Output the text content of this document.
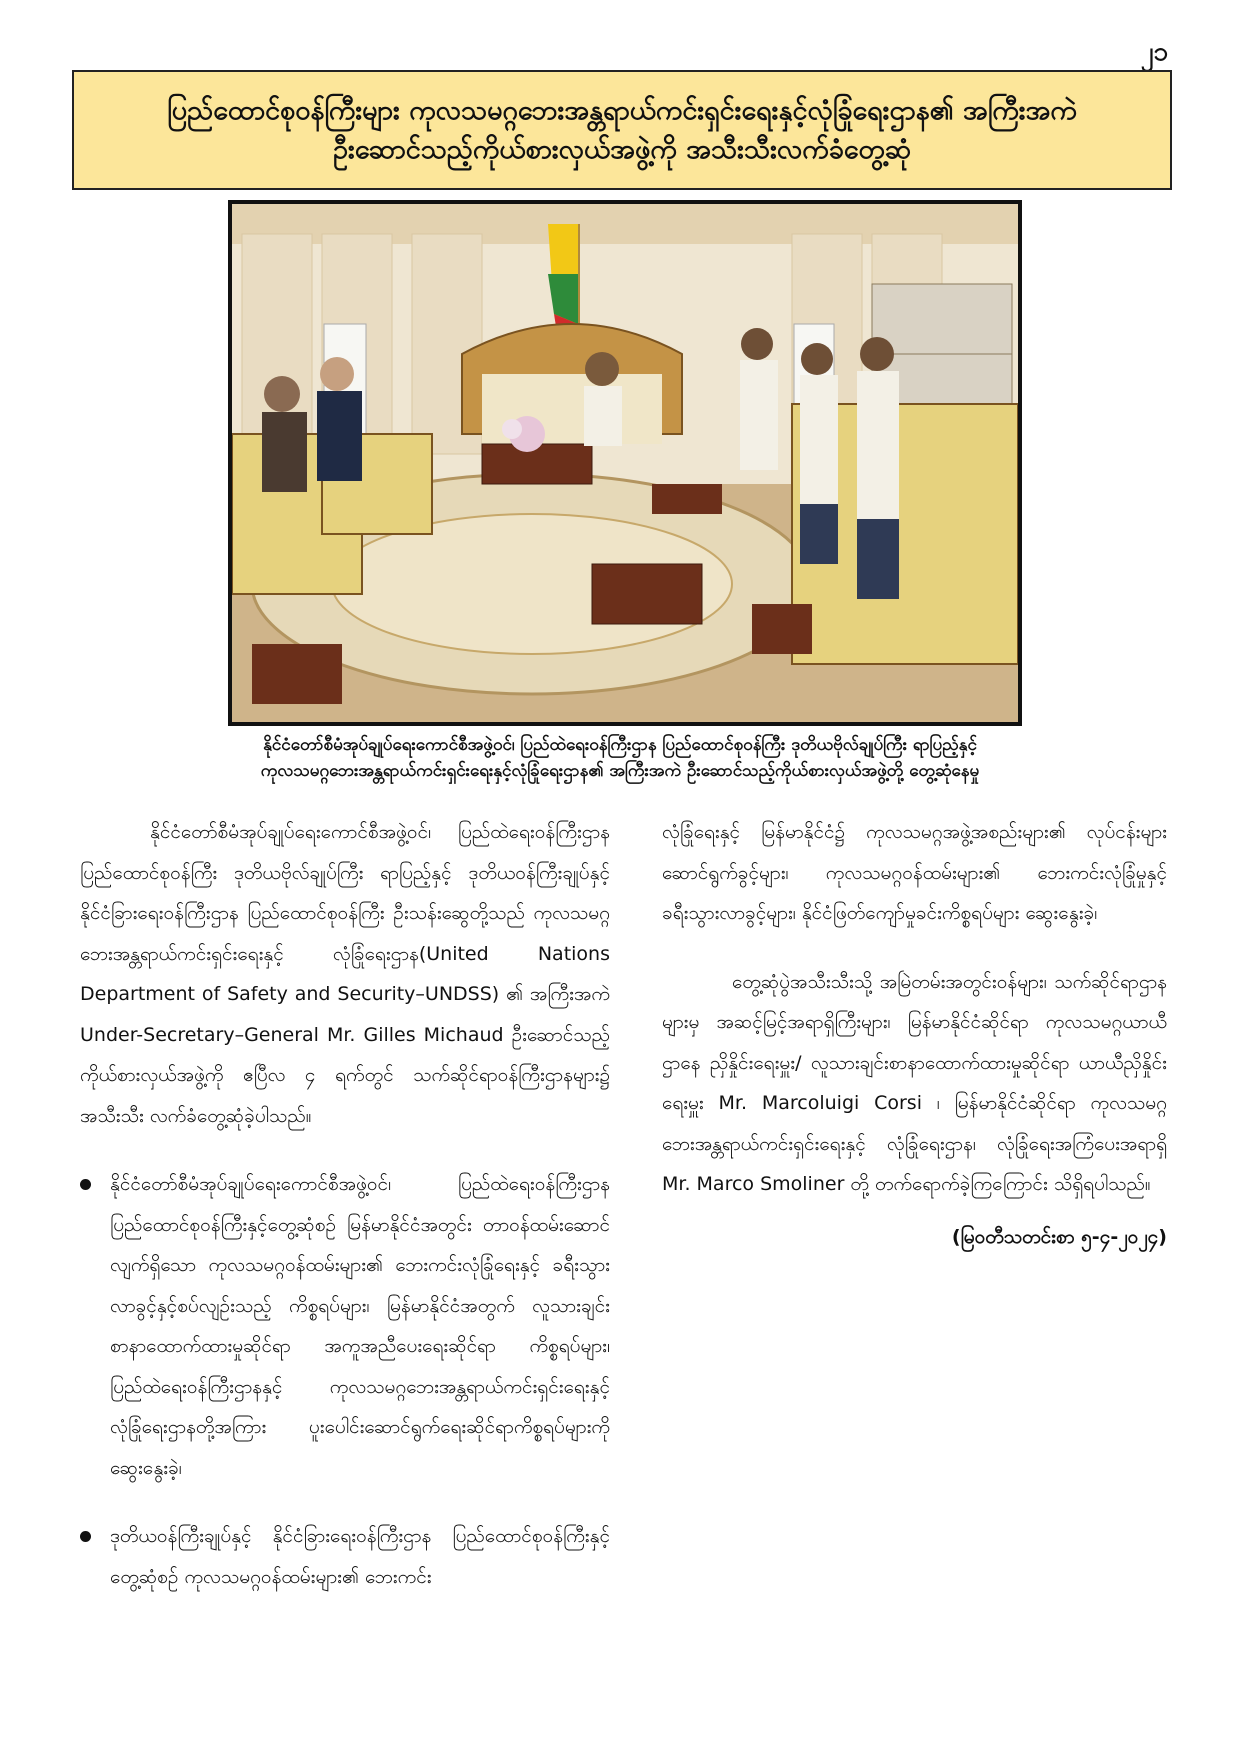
၂၁
ပြည်ထောင်စုဝန်ကြီးများ ကုလသမဂ္ဂဘေးအန္တရာယ်ကင်းရှင်းရေးနှင့်လုံခြုံရေးဌာန၏ အကြီးအကဲ
ဦးဆောင်သည့်ကိုယ်စားလှယ်အဖွဲ့ကို အသီးသီးလက်ခံတွေ့ဆုံ
နိုင်ငံတော်စီမံအုပ်ချုပ်ရေးကောင်စီအဖွဲ့ဝင်၊ ပြည်ထဲရေးဝန်ကြီးဌာန ပြည်ထောင်စုဝန်ကြီး ဒုတိယဗိုလ်ချုပ်ကြီး ရာပြည့်နှင့်
ကုလသမဂ္ဂဘေးအန္တရာယ်ကင်းရှင်းရေးနှင့်လုံခြုံရေးဌာန၏ အကြီးအကဲ ဦးဆောင်သည့်ကိုယ်စားလှယ်အဖွဲ့တို့ တွေ့ဆုံနေမှု

နိုင်ငံတော်စီမံအုပ်ချုပ်ရေးကောင်စီအဖွဲ့ဝင်၊ ပြည်ထဲရေးဝန်ကြီးဌာန ပြည်ထောင်စုဝန်ကြီး ဒုတိယဗိုလ်ချုပ်ကြီး ရာပြည့်နှင့် ဒုတိယဝန်ကြီးချုပ်နှင့် နိုင်ငံခြားရေးဝန်ကြီးဌာန ပြည်ထောင်စုဝန်ကြီး ဦးသန်းဆွေတို့သည် ကုလသမဂ္ဂဘေးအန္တရာယ်ကင်းရှင်းရေးနှင့် လုံခြုံရေးဌာန(United Nations Department of Safety and Security–UNDSS) ၏ အကြီးအကဲ Under-Secretary–General Mr. Gilles Michaud ဦးဆောင်သည့် ကိုယ်စားလှယ်အဖွဲ့ကို ဧပြီလ ၄ ရက်တွင် သက်ဆိုင်ရာဝန်ကြီးဌာနများ၌ အသီးသီး လက်ခံတွေ့ဆုံခဲ့ပါသည်။

နိုင်ငံတော်စီမံအုပ်ချုပ်ရေးကောင်စီအဖွဲ့ဝင်၊ ပြည်ထဲရေးဝန်ကြီးဌာန ပြည်ထောင်စုဝန်ကြီးနှင့်တွေ့ဆုံစဉ် မြန်မာနိုင်ငံအတွင်း တာဝန်ထမ်းဆောင်လျက်ရှိသော ကုလသမဂ္ဂဝန်ထမ်းများ၏ ဘေးကင်းလုံခြုံရေးနှင့် ခရီးသွားလာခွင့်နှင့်စပ်လျဉ်းသည့် ကိစ္စရပ်များ၊ မြန်မာနိုင်ငံအတွက် လူသားချင်းစာနာထောက်ထားမှုဆိုင်ရာ အကူအညီပေးရေးဆိုင်ရာ ကိစ္စရပ်များ၊ ပြည်ထဲရေးဝန်ကြီးဌာနနှင့် ကုလသမဂ္ဂဘေးအန္တရာယ်ကင်းရှင်းရေးနှင့် လုံခြုံရေးဌာနတို့အကြား ပူးပေါင်းဆောင်ရွက်ရေးဆိုင်ရာကိစ္စရပ်များကို ဆွေးနွေးခဲ့၊
ဒုတိယဝန်ကြီးချုပ်နှင့် နိုင်ငံခြားရေးဝန်ကြီးဌာန ပြည်ထောင်စုဝန်ကြီးနှင့်တွေ့ဆုံစဉ် ကုလသမဂ္ဂဝန်ထမ်းများ၏ ဘေးကင်း

လုံခြုံရေးနှင့် မြန်မာနိုင်ငံ၌ ကုလသမဂ္ဂအဖွဲ့အစည်းများ၏ လုပ်ငန်းများဆောင်ရွက်ခွင့်များ၊ ကုလသမဂ္ဂဝန်ထမ်းများ၏ ဘေးကင်းလုံခြုံမှုနှင့် ခရီးသွားလာခွင့်များ၊ နိုင်ငံဖြတ်ကျော်မှုခင်းကိစ္စရပ်များ ဆွေးနွေးခဲ့၊

တွေ့ဆုံပွဲအသီးသီးသို့ အမြဲတမ်းအတွင်းဝန်များ၊ သက်ဆိုင်ရာဌာနများမှ အဆင့်မြင့်အရာရှိကြီးများ၊ မြန်မာနိုင်ငံဆိုင်ရာ ကုလသမဂ္ဂယာယီဌာနေ ညှိနှိုင်းရေးမှူး/ လူသားချင်းစာနာထောက်ထားမှုဆိုင်ရာ ယာယီညှိနှိုင်းရေးမှူး Mr. Marcoluigi Corsi ၊ မြန်မာနိုင်ငံဆိုင်ရာ ကုလသမဂ္ဂဘေးအန္တရာယ်ကင်းရှင်းရေးနှင့် လုံခြုံရေးဌာန၊ လုံခြုံရေးအကြံပေးအရာရှိ Mr. Marco Smoliner တို့ တက်ရောက်ခဲ့ကြကြောင်း သိရှိရပါသည်။

(မြဝတီသတင်းစာ ၅-၄-၂၀၂၄)
